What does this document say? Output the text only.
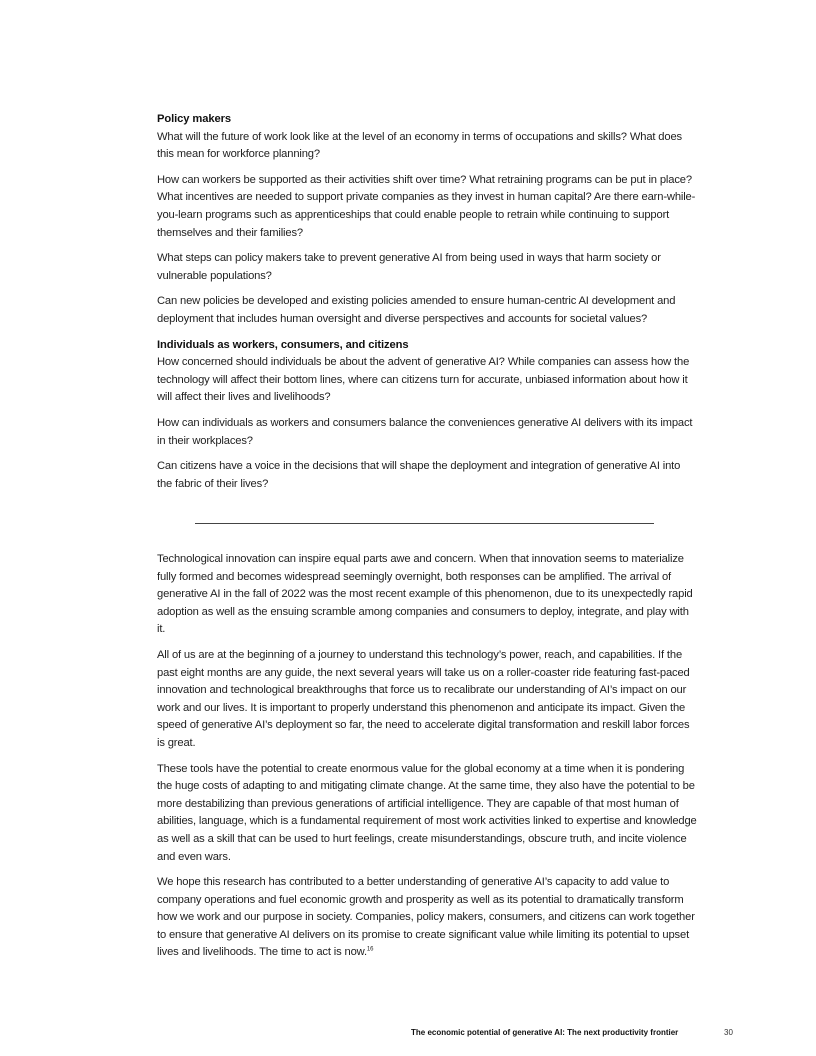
Policy makers

What will the future of work look like at the level of an economy in terms of occupations and skills? What does this mean for workforce planning?

How can workers be supported as their activities shift over time? What retraining programs can be put in place? What incentives are needed to support private companies as they invest in human capital? Are there earn-while-you-learn programs such as apprenticeships that could enable people to retrain while continuing to support themselves and their families?

What steps can policy makers take to prevent generative AI from being used in ways that harm society or vulnerable populations?

Can new policies be developed and existing policies amended to ensure human-centric AI development and deployment that includes human oversight and diverse perspectives and accounts for societal values?

Individuals as workers, consumers, and citizens

How concerned should individuals be about the advent of generative AI? While companies can assess how the technology will affect their bottom lines, where can citizens turn for accurate, unbiased information about how it will affect their lives and livelihoods?

How can individuals as workers and consumers balance the conveniences generative AI delivers with its impact in their workplaces?

Can citizens have a voice in the decisions that will shape the deployment and integration of generative AI into the fabric of their lives?

Technological innovation can inspire equal parts awe and concern. When that innovation seems to materialize fully formed and becomes widespread seemingly overnight, both responses can be amplified. The arrival of generative AI in the fall of 2022 was the most recent example of this phenomenon, due to its unexpectedly rapid adoption as well as the ensuing scramble among companies and consumers to deploy, integrate, and play with it.

All of us are at the beginning of a journey to understand this technology’s power, reach, and capabilities. If the past eight months are any guide, the next several years will take us on a roller-coaster ride featuring fast-paced innovation and technological breakthroughs that force us to recalibrate our understanding of AI’s impact on our work and our lives. It is important to properly understand this phenomenon and anticipate its impact. Given the speed of generative AI’s deployment so far, the need to accelerate digital transformation and reskill labor forces is great.

These tools have the potential to create enormous value for the global economy at a time when it is pondering the huge costs of adapting to and mitigating climate change. At the same time, they also have the potential to be more destabilizing than previous generations of artificial intelligence. They are capable of that most human of abilities, language, which is a fundamental requirement of most work activities linked to expertise and knowledge as well as a skill that can be used to hurt feelings, create misunderstandings, obscure truth, and incite violence and even wars.

We hope this research has contributed to a better understanding of generative AI’s capacity to add value to company operations and fuel economic growth and prosperity as well as its potential to dramatically transform how we work and our purpose in society. Companies, policy makers, consumers, and citizens can work together to ensure that generative AI delivers on its promise to create significant value while limiting its potential to upset lives and livelihoods. The time to act is now.$^{16}$

The economic potential of generative AI: The next productivity frontier	30
